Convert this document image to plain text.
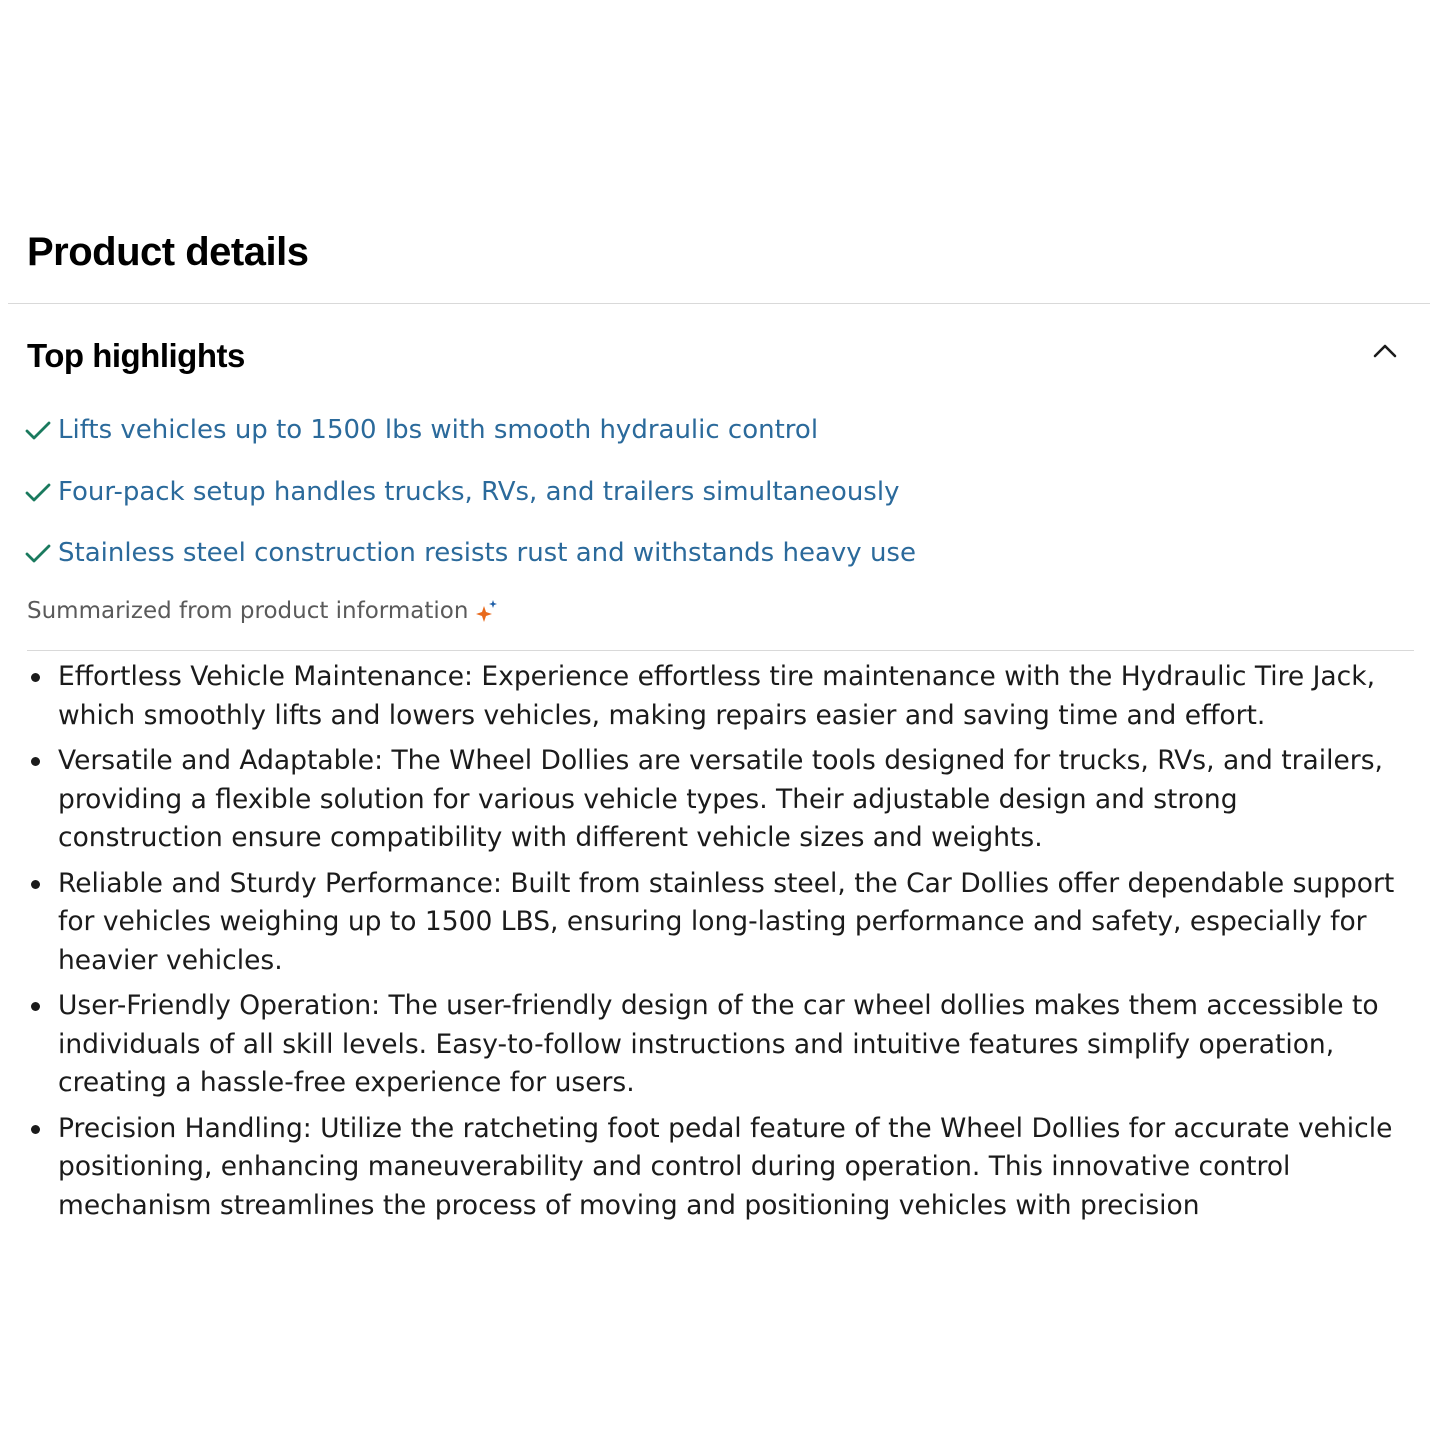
Product details
Top highlights
Lifts vehicles up to 1500 lbs with smooth hydraulic control
Four-pack setup handles trucks, RVs, and trailers simultaneously
Stainless steel construction resists rust and withstands heavy use
Summarized from product information
Effortless Vehicle Maintenance: Experience effortless tire maintenance with the Hydraulic Tire Jack,
which smoothly lifts and lowers vehicles, making repairs easier and saving time and effort.
Versatile and Adaptable: The Wheel Dollies are versatile tools designed for trucks, RVs, and trailers,
providing a flexible solution for various vehicle types. Their adjustable design and strong
construction ensure compatibility with different vehicle sizes and weights.
Reliable and Sturdy Performance: Built from stainless steel, the Car Dollies offer dependable support
for vehicles weighing up to 1500 LBS, ensuring long-lasting performance and safety, especially for
heavier vehicles.
User-Friendly Operation: The user-friendly design of the car wheel dollies makes them accessible to
individuals of all skill levels. Easy-to-follow instructions and intuitive features simplify operation,
creating a hassle-free experience for users.
Precision Handling: Utilize the ratcheting foot pedal feature of the Wheel Dollies for accurate vehicle
positioning, enhancing maneuverability and control during operation. This innovative control
mechanism streamlines the process of moving and positioning vehicles with precision
